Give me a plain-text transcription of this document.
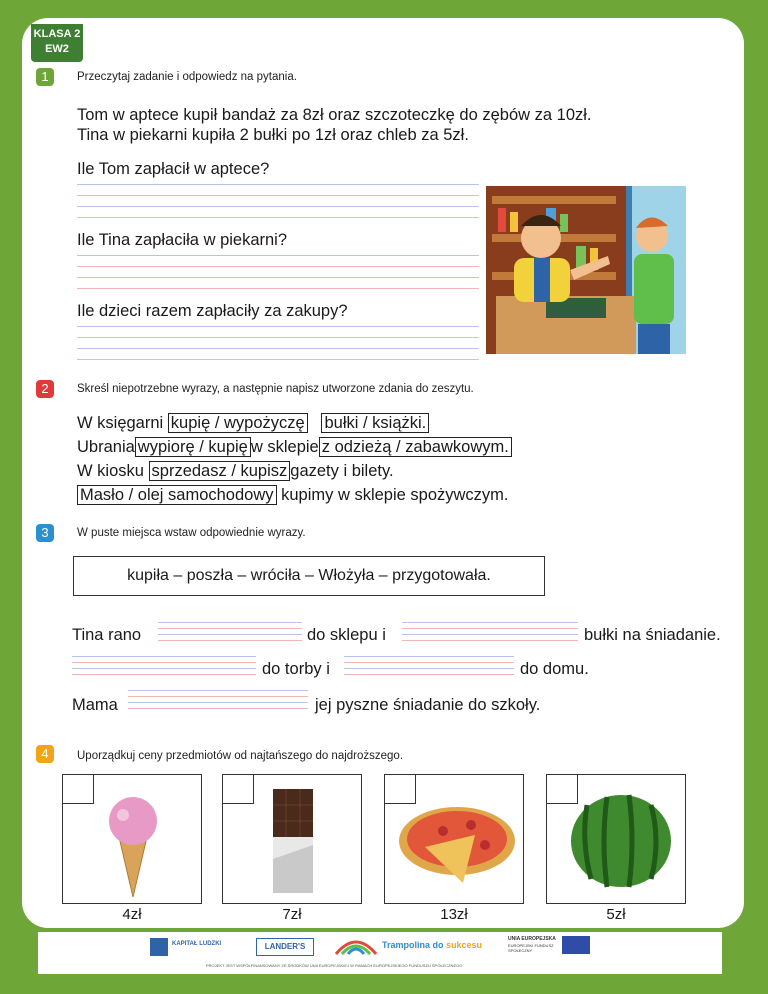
KLASA 2
EW2
1	Przeczytaj zadanie i odpowiedz na pytania.
Tom w aptece kupił bandaż za 8zł oraz szczoteczkę do zębów za 10zł.
Tina w piekarni kupiła 2 bułki po 1zł oraz chleb za 5zł.
Ile Tom zapłacił w aptece?
Ile Tina zapłaciła w piekarni?
Ile dzieci razem zapłaciły za zakupy?
2	Skreśl niepotrzebne wyrazy, a następnie napisz utworzone zdania do zeszytu.
W księgarni kupię / wypożyczę bułki / książki.
Ubrania wypiorę / kupię w sklepie z odzieżą / zabawkowym.
W kiosku sprzedasz / kupisz gazety i bilety.
Masło / olej samochodowy kupimy w sklepie spożywczym.
3	W puste miejsca wstaw odpowiednie wyrazy.
kupiła – poszła – wróciła – Włożyła – przygotowała.
Tina rano	do sklepu i	bułki na śniadanie.
do torby i	do domu.
Mama	jej pyszne śniadanie do szkoły.
4	Uporządkuj ceny przedmiotów od najtańszego do najdroższego.
4zł	7zł	13zł	5zł
KAPITAŁ LUDZKI	LANDER'S	Trampolina do sukcesu
UNIA EUROPEJSKA
EUROPEJSKI FUNDUSZ SPOŁECZNY
PROJEKT JEST WSPÓŁFINANSOWANY ZE ŚRODKÓW UNII EUROPEJSKIEJ W RAMACH EUROPEJSKIEGO FUNDUSZU SPOŁECZNEGO
